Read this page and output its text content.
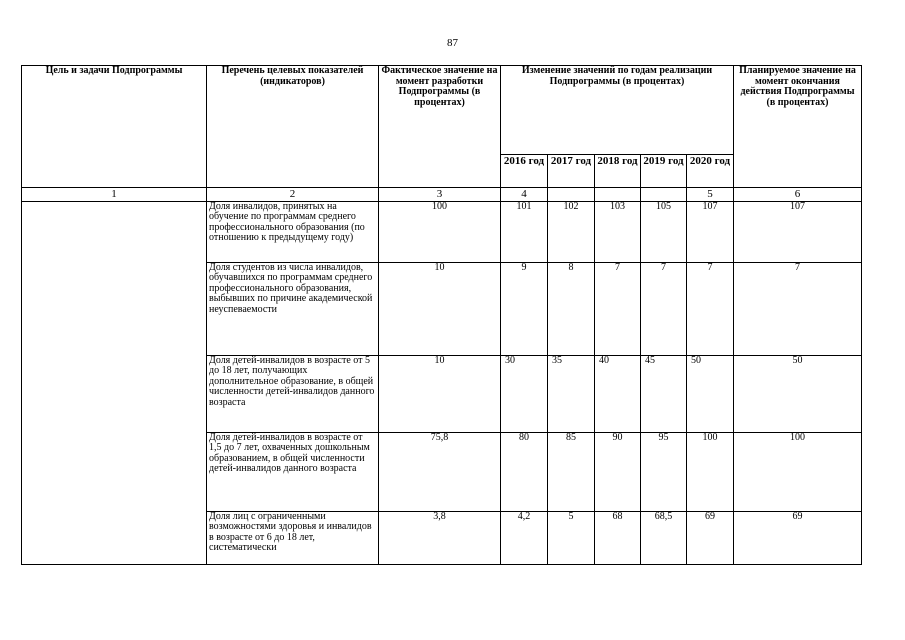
87
Цель и задачи Подпрограммы	Перечень целевых показателей (индикаторов)	Фактическое значение на момент разработки Подпрограммы (в процентах)	Изменение значений по годам реализации Подпрограммы (в процентах)					Планируемое значение на момент окончания действия Подпрограммы (в процентах)
			2016 год	2017 год	2018 год	2019 год	2020 год	
1	2	3	4				5	6
	Доля инвалидов, принятых на обучение по программам среднего профессионального образования (по отношению к предыдущему году)	100	101	102	103	105	107	107
	Доля студентов из числа инвалидов, обучавшихся по программам среднего профессионального образования, выбывших по причине академической неуспеваемости	10	9	8	7	7	7	7
	Доля детей-инвалидов в возрасте от 5 до 18 лет, получающих дополнительное образование, в общей численности детей-инвалидов данного возраста	10	30	35	40	45	50	50
	Доля детей-инвалидов в возрасте от 1,5 до 7 лет, охваченных дошкольным образованием, в общей численности детей-инвалидов данного возраста	75,8	80	85	90	95	100	100
	Доля лиц с ограниченными возможностями здоровья и инвалидов в возрасте от 6 до 18 лет, систематически	3,8	4,2	5	68	68,5	69	69
